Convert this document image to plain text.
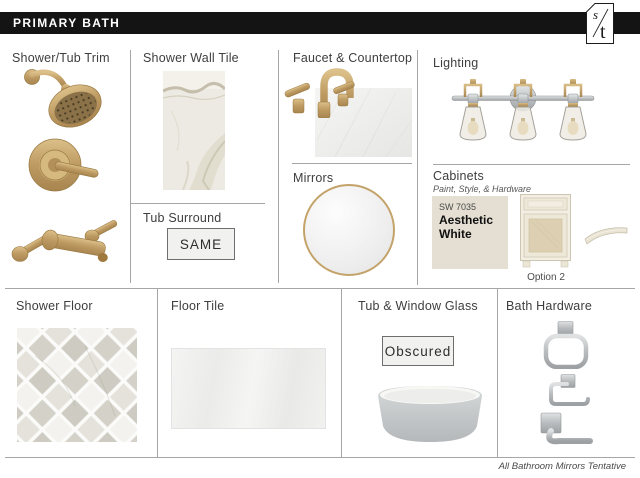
PRIMARY BATH
s
t
Shower/Tub Trim	Shower Wall Tile
Tub Surround
SAME
Faucet & Countertop
Mirrors
Lighting
Cabinets
Paint, Style, & Hardware
SW 7035
Aesthetic White
Option 2
Shower Floor	Floor Tile	Tub & Window Glass
Obscured
Bath Hardware
All Bathroom Mirrors Tentative
